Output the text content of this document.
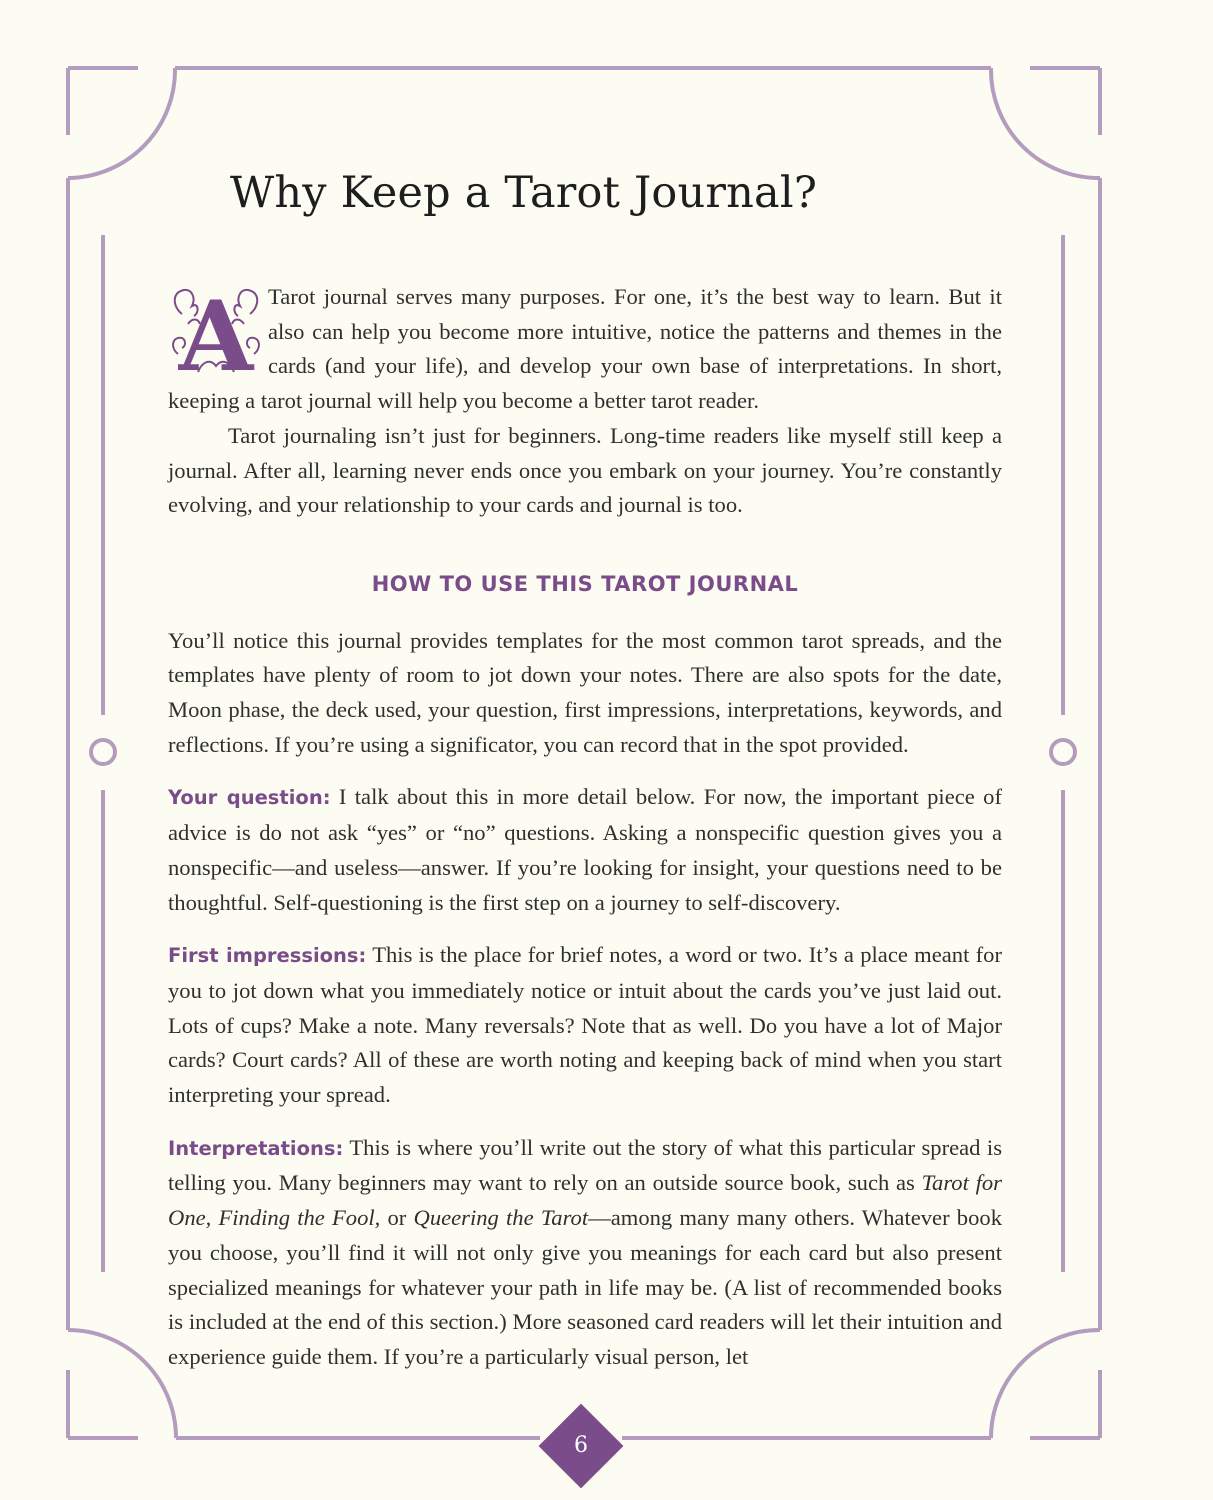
Why Keep a Tarot Journal?

A Tarot journal serves many purposes. For one, it’s the best way to learn. But it also can help you become more intuitive, notice the patterns and themes in the cards (and your life), and develop your own base of interpretations. In short, keeping a tarot journal will help you become a better tarot reader.

Tarot journaling isn’t just for beginners. Long-time readers like myself still keep a journal. After all, learning never ends once you embark on your journey. You’re constantly evolving, and your relationship to your cards and journal is too.

HOW TO USE THIS TAROT JOURNAL

You’ll notice this journal provides templates for the most common tarot spreads, and the templates have plenty of room to jot down your notes. There are also spots for the date, Moon phase, the deck used, your question, first impressions, interpretations, keywords, and reflections. If you’re using a significator, you can record that in the spot provided.

Your question: I talk about this in more detail below. For now, the important piece of advice is do not ask “yes” or “no” questions. Asking a nonspecific question gives you a nonspecific—and useless—answer. If you’re looking for insight, your questions need to be thoughtful. Self-questioning is the first step on a journey to self-discovery.

First impressions: This is the place for brief notes, a word or two. It’s a place meant for you to jot down what you immediately notice or intuit about the cards you’ve just laid out. Lots of cups? Make a note. Many reversals? Note that as well. Do you have a lot of Major cards? Court cards? All of these are worth noting and keeping back of mind when you start interpreting your spread.

Interpretations: This is where you’ll write out the story of what this particular spread is telling you. Many beginners may want to rely on an outside source book, such as Tarot for One, Finding the Fool, or Queering the Tarot—among many many others. Whatever book you choose, you’ll find it will not only give you meanings for each card but also present specialized meanings for whatever your path in life may be. (A list of recommended books is included at the end of this section.) More seasoned card readers will let their intuition and experience guide them. If you’re a particularly visual person, let

6
